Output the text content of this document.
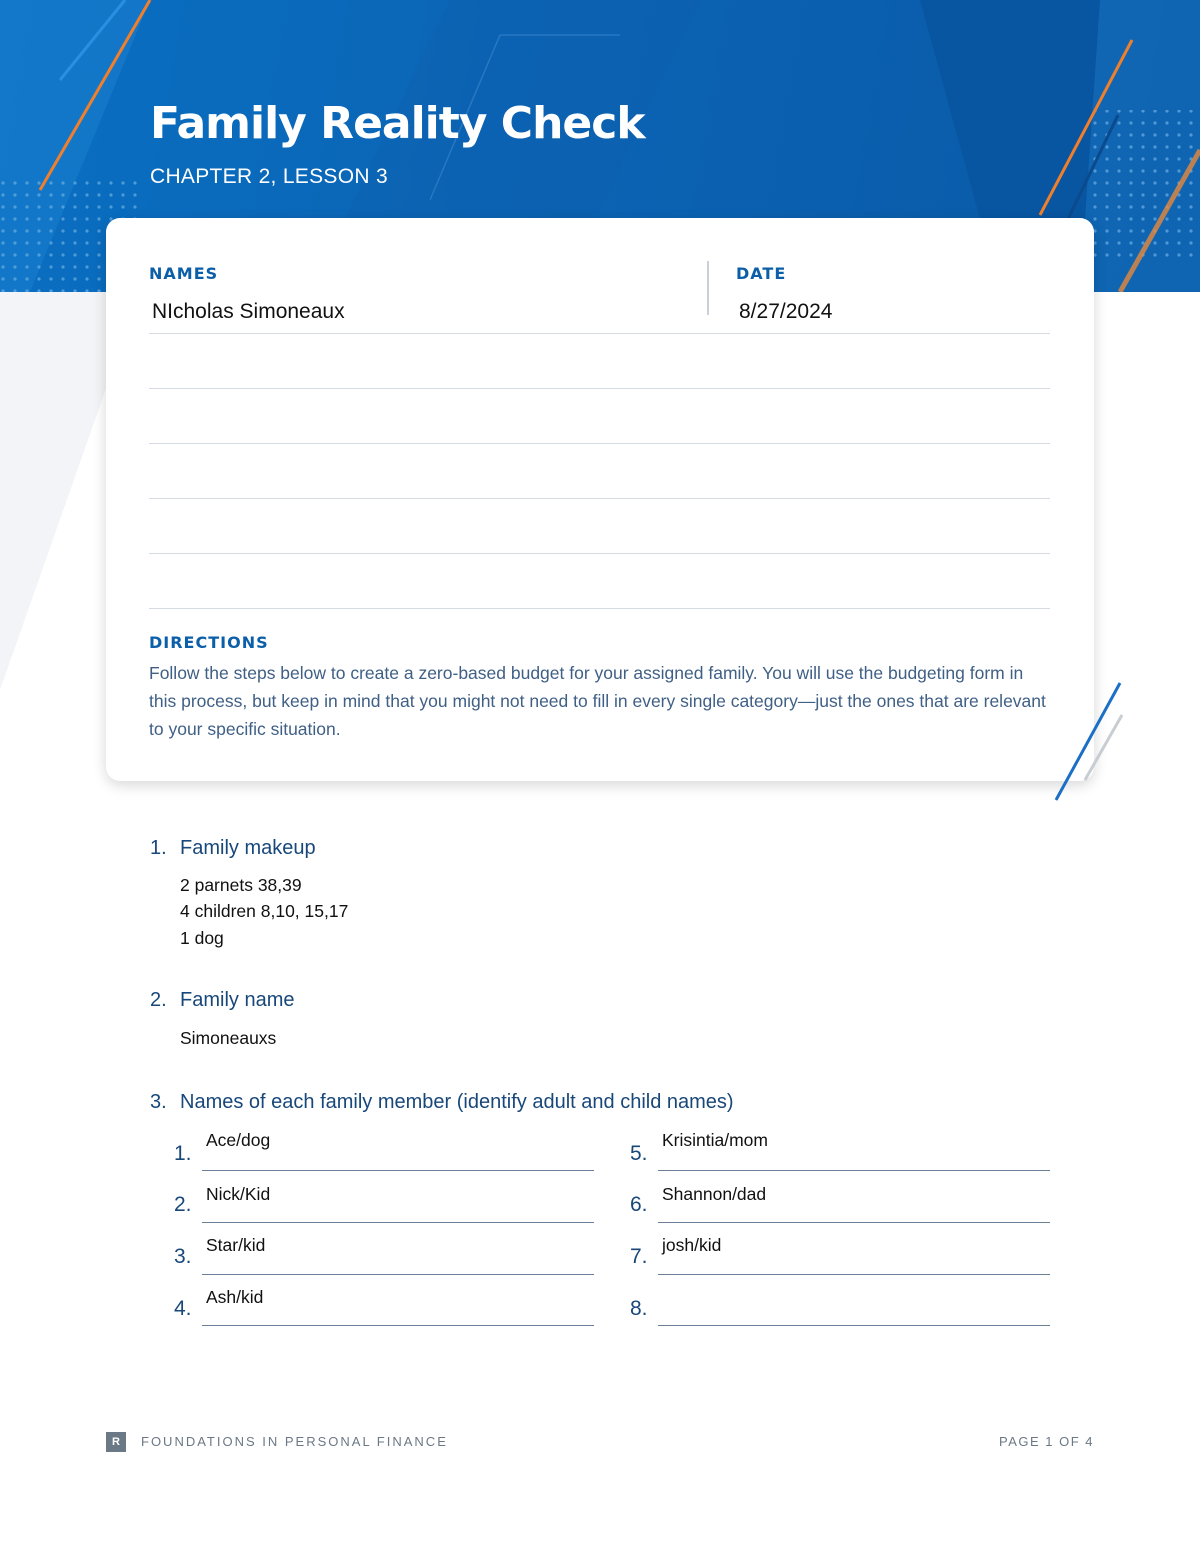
Family Reality Check
CHAPTER 2, LESSON 3
NAMES	DATE
NIcholas Simoneaux	8/27/2024
DIRECTIONS
Follow the steps below to create a zero-based budget for your assigned family. You will use the budgeting form in this process, but keep in mind that you might not need to fill in every single category—just the ones that are relevant to your specific situation.
1. Family makeup
2 parnets 38,39
4 children 8,10, 15,17
1 dog
2. Family name
Simoneauxs
3. Names of each family member (identify adult and child names)
1.
Ace/dog
2. Nick/Kid
3. Star/kid
4. Ash/kid
5.
Krisintia/mom
6. Shannon/dad
7. josh/kid
8.
R	FOUNDATIONS IN PERSONAL FINANCE	PAGE 1 OF 4
